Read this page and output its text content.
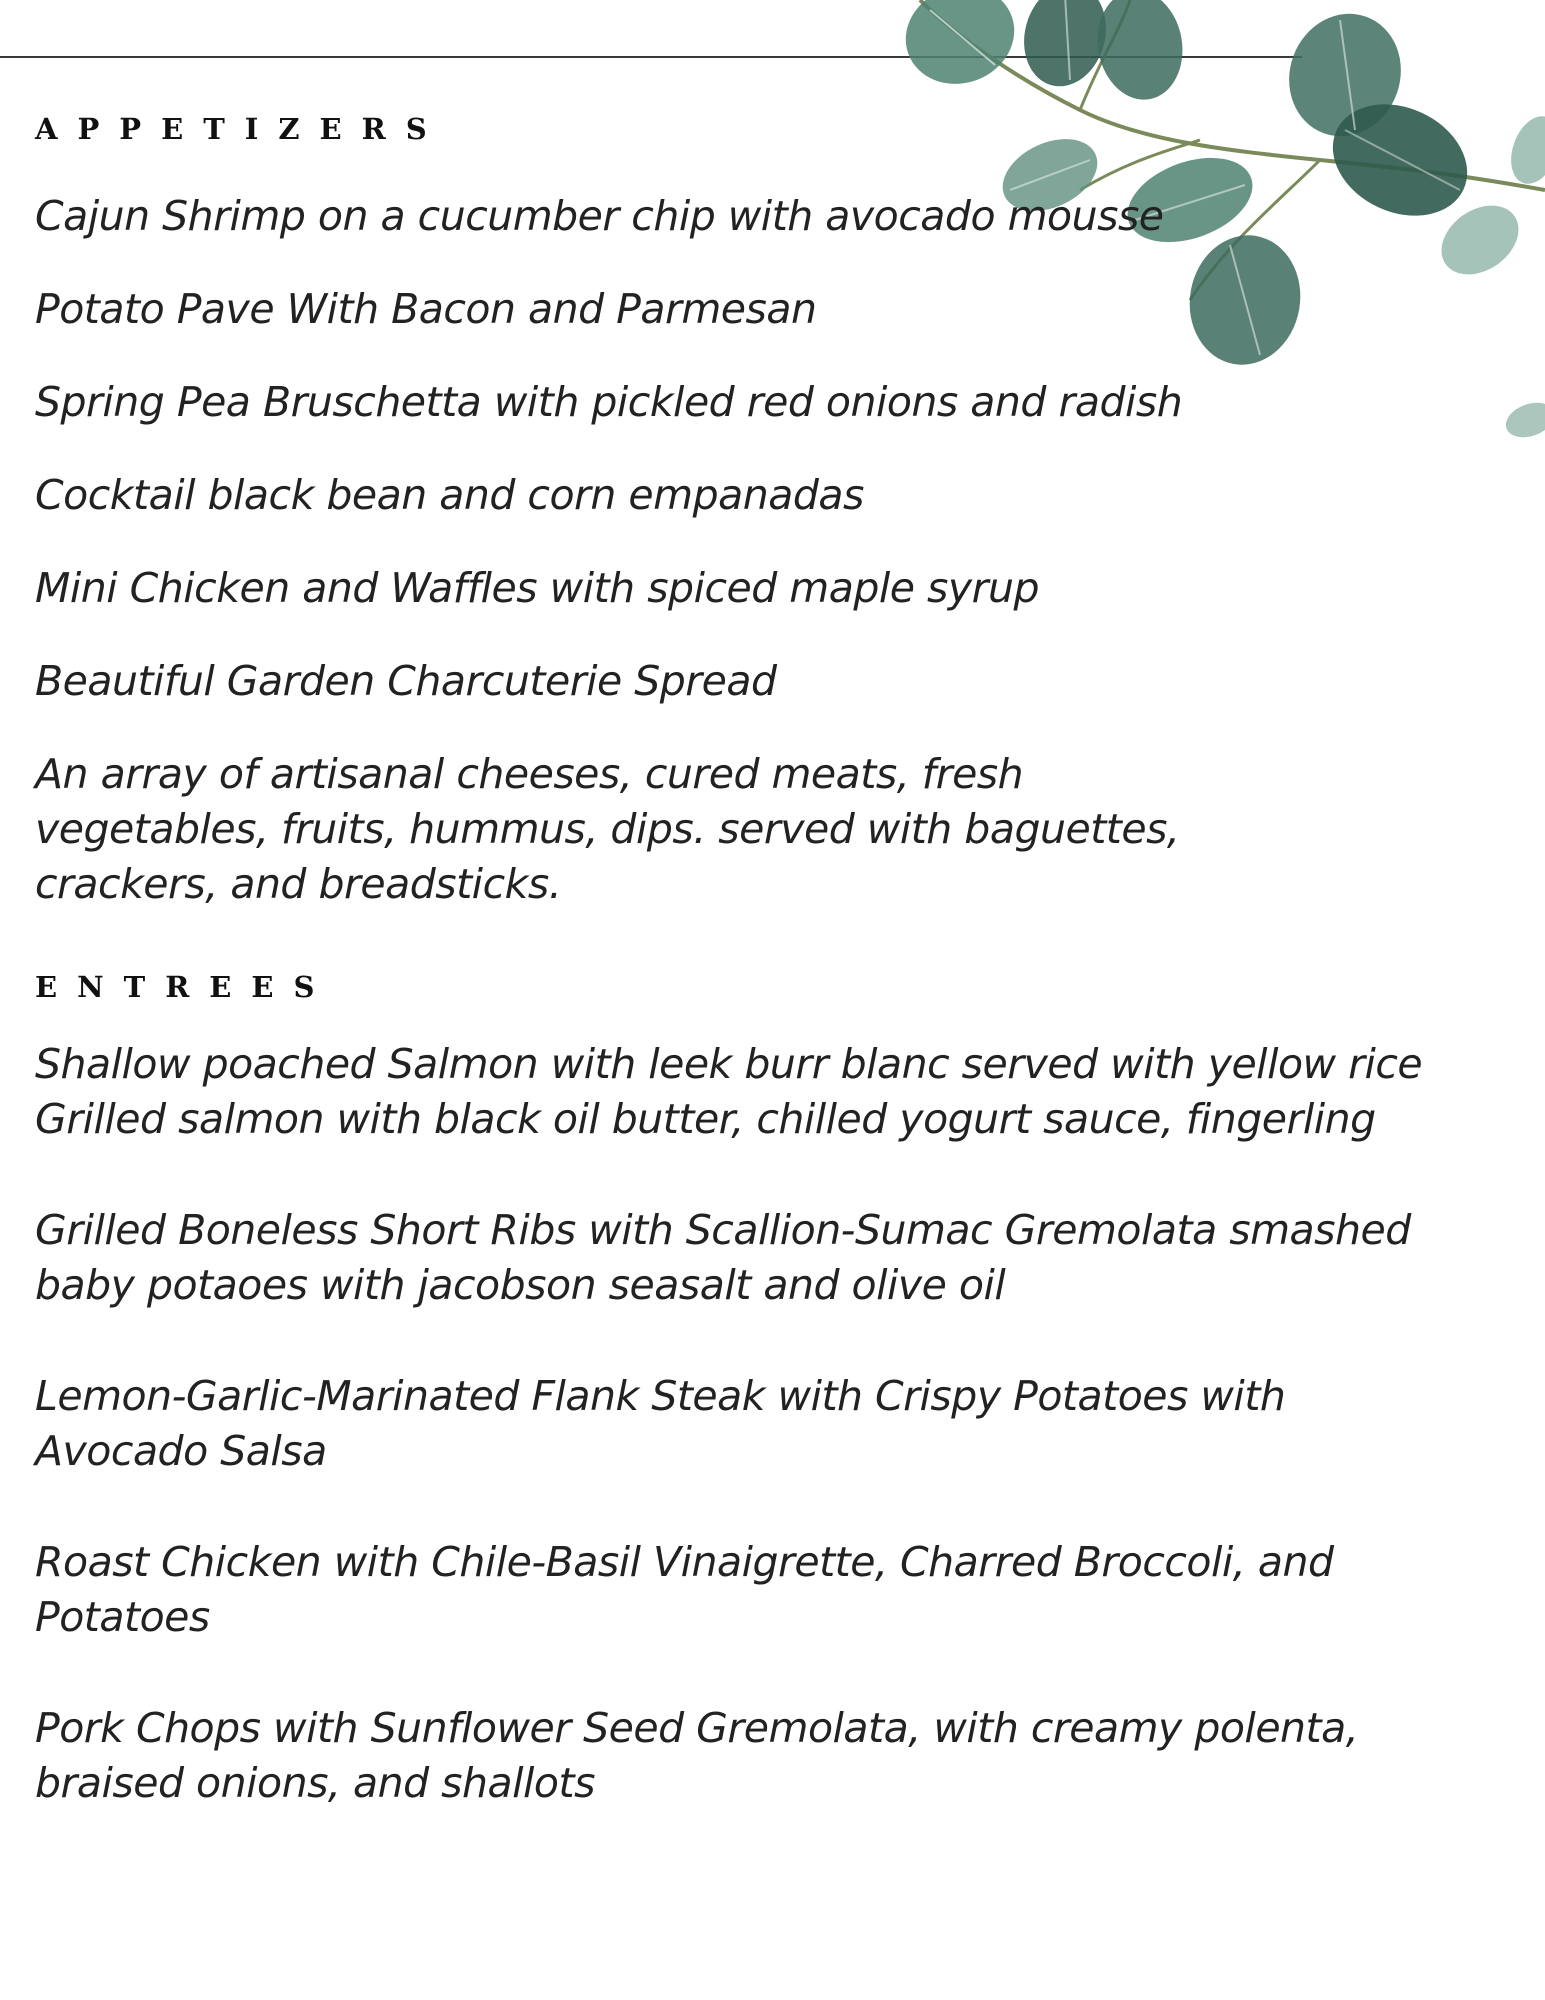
APPETIZERS
Cajun Shrimp on a cucumber chip with avocado mousse
Potato Pave With Bacon and Parmesan
Spring Pea Bruschetta with pickled red onions and radish
Cocktail black bean and corn empanadas
Mini Chicken and Waffles with spiced maple syrup
Beautiful Garden Charcuterie Spread
An array of artisanal cheeses, cured meats, fresh
vegetables, fruits, hummus, dips. served with baguettes,
crackers, and breadsticks.
ENTREES
Shallow poached Salmon with leek burr blanc served with yellow rice
Grilled salmon with black oil butter, chilled yogurt sauce, fingerling
Grilled Boneless Short Ribs with Scallion-Sumac Gremolata smashed
baby potaoes with jacobson seasalt and olive oil
Lemon-Garlic-Marinated Flank Steak with Crispy Potatoes with
Avocado Salsa
Roast Chicken with Chile-Basil Vinaigrette, Charred Broccoli, and
Potatoes
Pork Chops with Sunflower Seed Gremolata, with creamy polenta,
braised onions, and shallots
